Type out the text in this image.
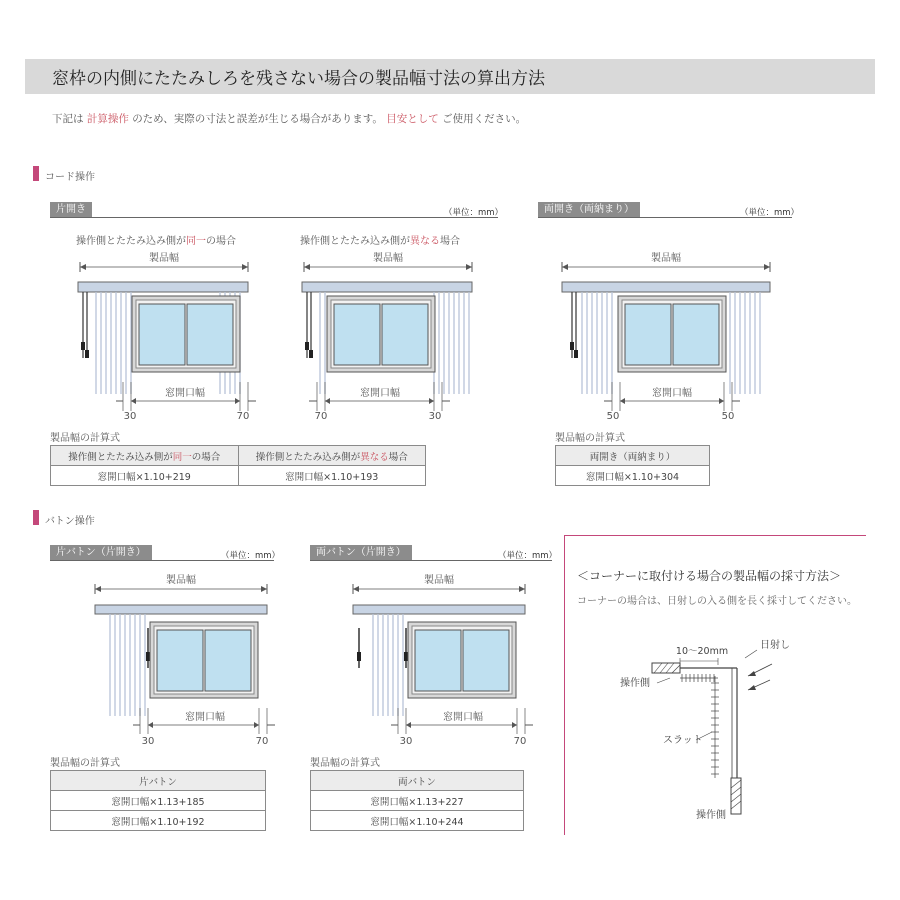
窓枠の内側にたたみしろを残さない場合の製品幅寸法の算出方法
下記は 計算操作 のため、実際の寸法と誤差が生じる場合があります。 目安として ご使用ください。
コード操作
片開き	（単位：mm）	両開き（両納まり）	（単位：mm）
操作側とたたみ込み側が同一の場合	操作側とたたみ込み側が異なる場合
製品幅
窓開口幅
30	70
製品幅
窓開口幅
70	30
製品幅
窓開口幅
50	50
製品幅の計算式
操作側とたたみ込み側が同一の場合	操作側とたたみ込み側が異なる場合
窓開口幅×1.10+219	窓開口幅×1.10+193
製品幅の計算式
両開き（両納まり）
窓開口幅×1.10+304
バトン操作
片バトン（片開き）	（単位：mm）	両バトン（片開き）	（単位：mm）
製品幅
窓開口幅
30	70
製品幅
窓開口幅
30	70
製品幅の計算式
片バトン
窓開口幅×1.13+185
窓開口幅×1.10+192
製品幅の計算式
両バトン
窓開口幅×1.13+227
窓開口幅×1.10+244
＜コーナーに取付ける場合の製品幅の採寸方法＞
コーナーの場合は、日射しの入る側を長く採寸してください。
10〜20mm
日射し
操作側
スラット
操作側
